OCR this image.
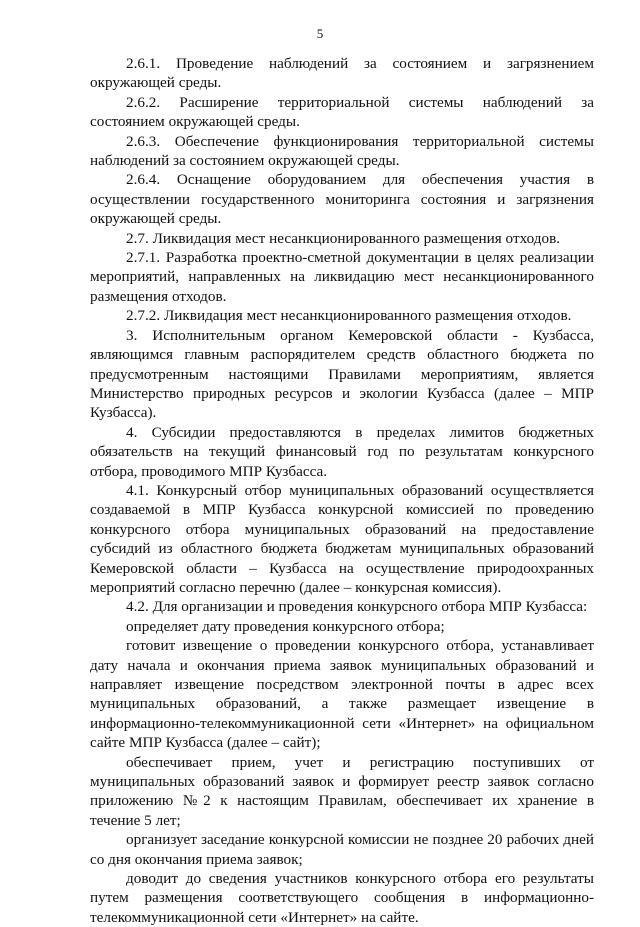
5

2.6.1. Проведение наблюдений за состоянием и загрязнением окружающей среды.

2.6.2. Расширение территориальной системы наблюдений за состоянием окружающей среды.

2.6.3. Обеспечение функционирования территориальной системы наблюдений за состоянием окружающей среды.

2.6.4. Оснащение оборудованием для обеспечения участия в осуществлении государственного мониторинга состояния и загрязнения окружающей среды.

2.7. Ликвидация мест несанкционированного размещения отходов.

2.7.1. Разработка проектно-сметной документации в целях реализации мероприятий, направленных на ликвидацию мест несанкционированного размещения отходов.

2.7.2. Ликвидация мест несанкционированного размещения отходов.

3. Исполнительным органом Кемеровской области - Кузбасса, являющимся главным распорядителем средств областного бюджета по предусмотренным настоящими Правилами мероприятиям, является Министерство природных ресурсов и экологии Кузбасса (далее – МПР Кузбасса).

4. Субсидии предоставляются в пределах лимитов бюджетных обязательств на текущий финансовый год по результатам конкурсного отбора, проводимого МПР Кузбасса.

4.1. Конкурсный отбор муниципальных образований осуществляется создаваемой в МПР Кузбасса конкурсной комиссией по проведению конкурсного отбора муниципальных образований на предоставление субсидий из областного бюджета бюджетам муниципальных образований Кемеровской области – Кузбасса на осуществление природоохранных мероприятий согласно перечню (далее – конкурсная комиссия).

4.2. Для организации и проведения конкурсного отбора МПР Кузбасса:

определяет дату проведения конкурсного отбора;

готовит извещение о проведении конкурсного отбора, устанавливает дату начала и окончания приема заявок муниципальных образований и направляет извещение посредством электронной почты в адрес всех муниципальных образований, а также размещает извещение в информационно-телекоммуникационной сети «Интернет» на официальном сайте МПР Кузбасса (далее – сайт);

обеспечивает прием, учет и регистрацию поступивших от муниципальных образований заявок и формирует реестр заявок согласно приложению №2 к настоящим Правилам, обеспечивает их хранение в течение 5 лет;

организует заседание конкурсной комиссии не позднее 20 рабочих дней со дня окончания приема заявок;

доводит до сведения участников конкурсного отбора его результаты путем размещения соответствующего сообщения в информационно-телекоммуникационной сети «Интернет» на сайте.
